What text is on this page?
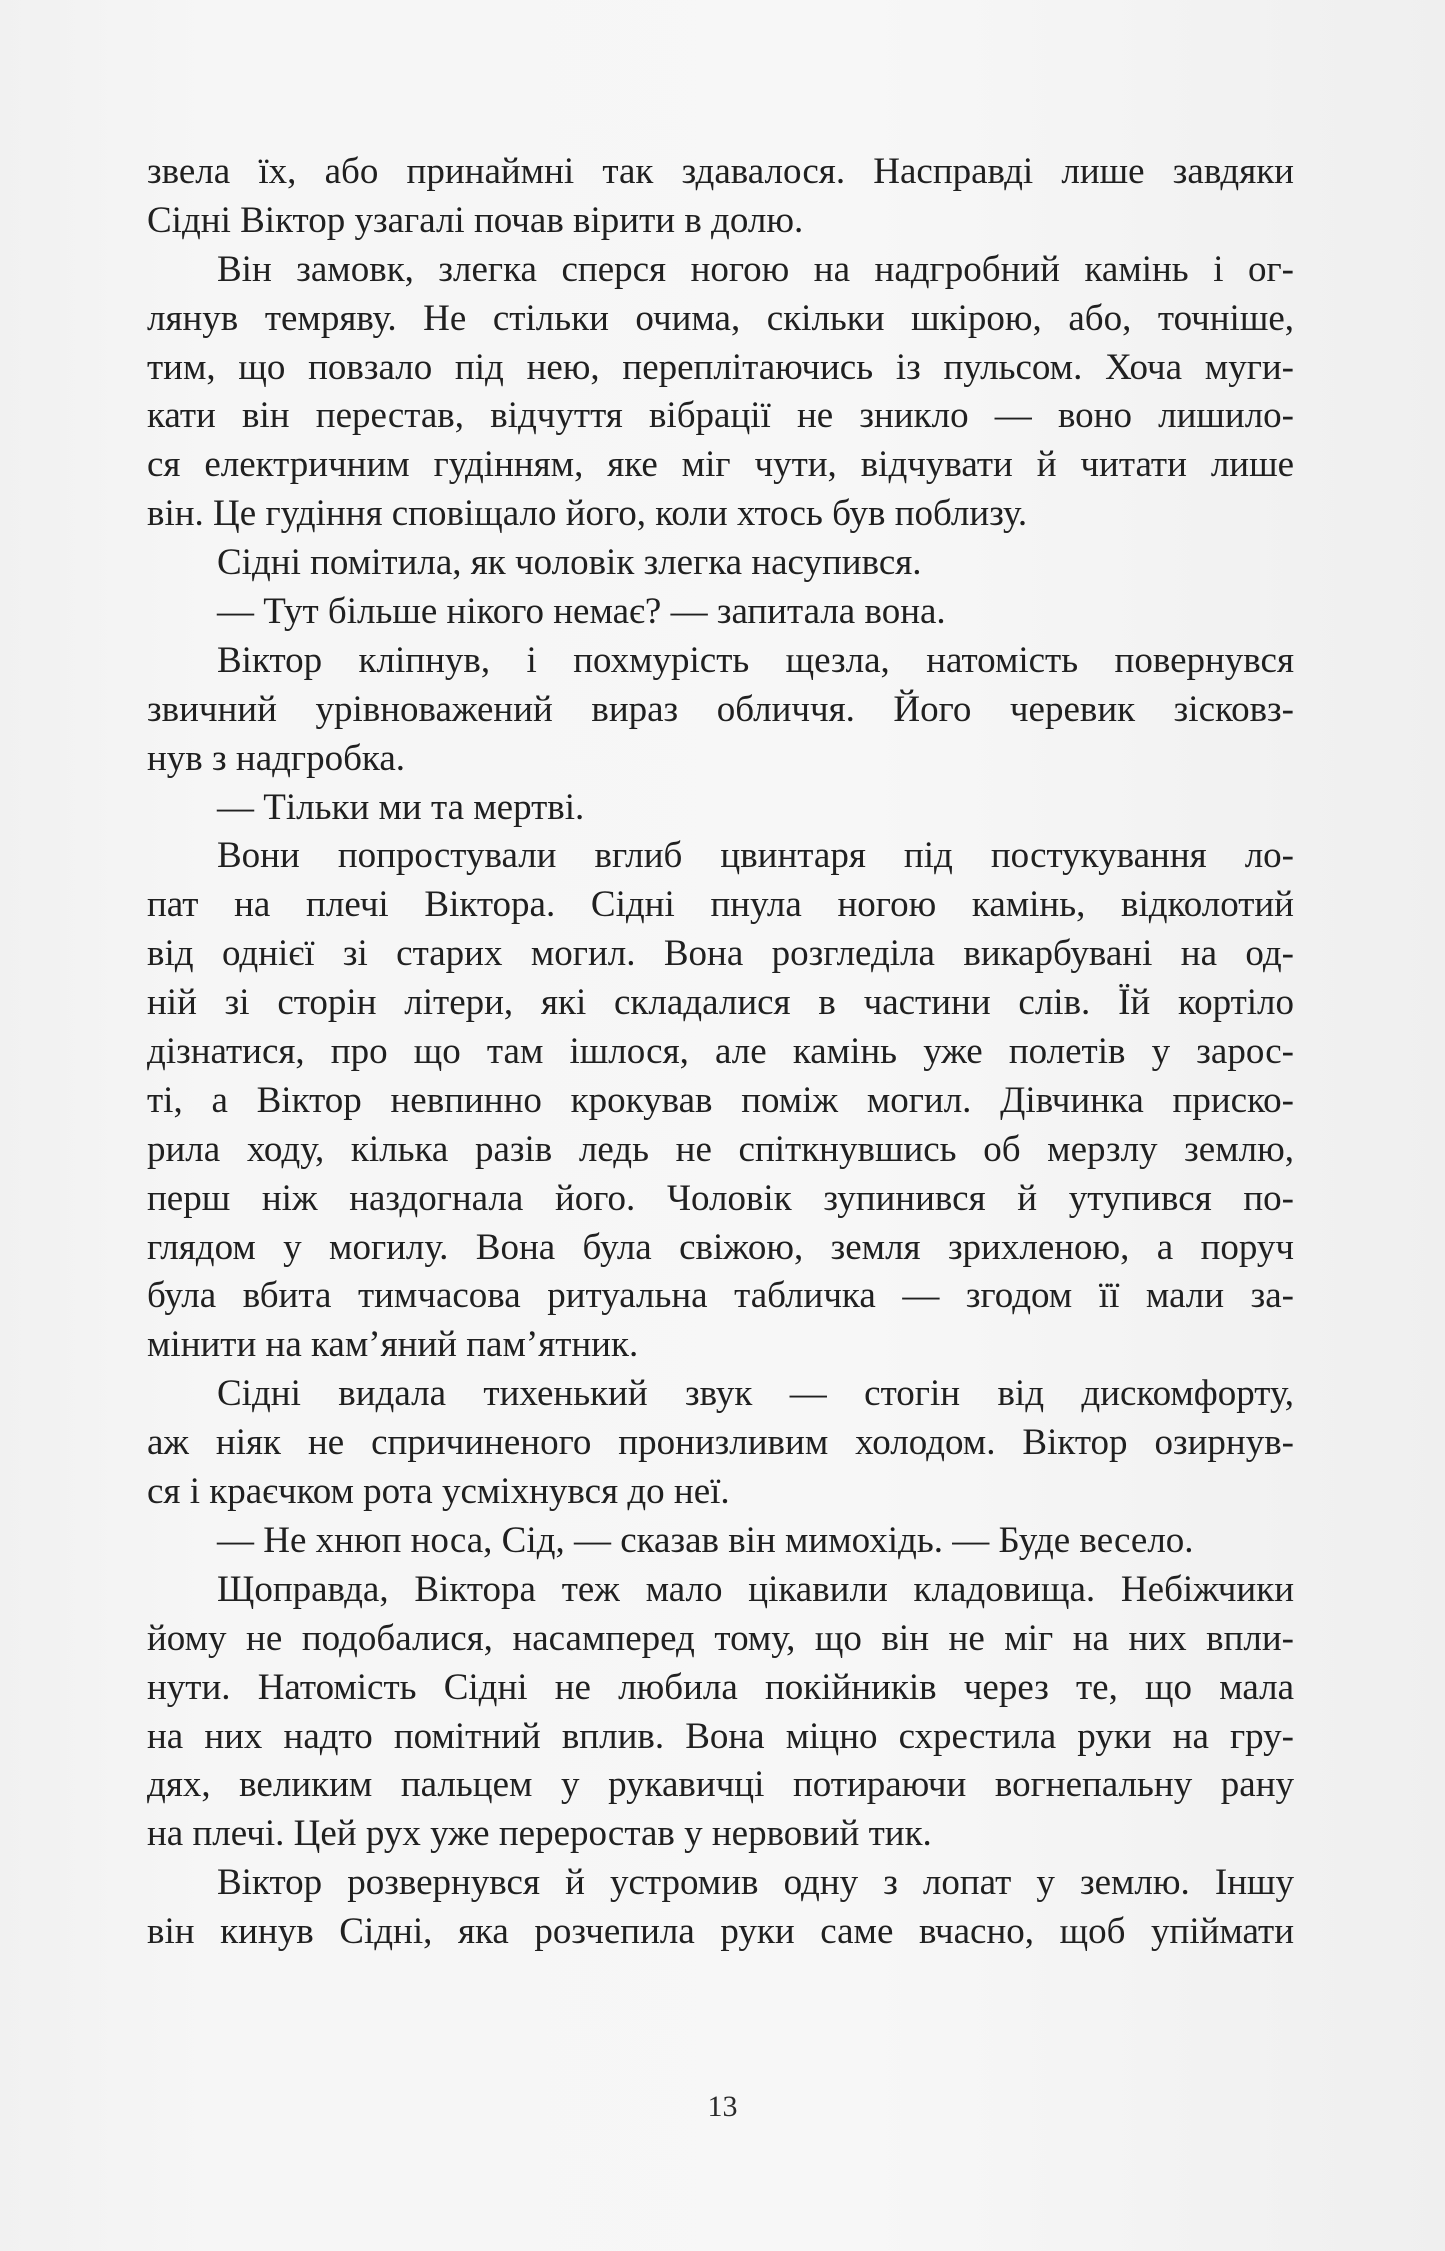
звела їх, або принаймні так здавалося. Насправді лише завдяки
Сідні Віктор узагалі почав вірити в долю.
Він замовк, злегка сперся ногою на надгробний камінь і ог-
лянув темряву. Не стільки очима, скільки шкірою, або, точніше,
тим, що повзало під нею, переплітаючись із пульсом. Хоча муги-
кати він перестав, відчуття вібрації не зникло — воно лишило-
ся електричним гудінням, яке міг чути, відчувати й читати лише
він. Це гудіння сповіщало його, коли хтось був поблизу.
Сідні помітила, як чоловік злегка насупився.
— Тут більше нікого немає? — запитала вона.
Віктор кліпнув, і похмурість щезла, натомість повернувся
звичний урівноважений вираз обличчя. Його черевик зісковз-
нув з надгробка.
— Тільки ми та мертві.
Вони попростували вглиб цвинтаря під постукування ло-
пат на плечі Віктора. Сідні пнула ногою камінь, відколотий
від однієї зі старих могил. Вона розгледіла викарбувані на од-
ній зі сторін літери, які складалися в частини слів. Їй кортіло
дізнатися, про що там ішлося, але камінь уже полетів у зарос-
ті, а Віктор невпинно крокував поміж могил. Дівчинка приско-
рила ходу, кілька разів ледь не спіткнувшись об мерзлу землю,
перш ніж наздогнала його. Чоловік зупинився й утупився по-
глядом у могилу. Вона була свіжою, земля зрихленою, а поруч
була вбита тимчасова ритуальна табличка — згодом її мали за-
мінити на кам’яний пам’ятник.
Сідні видала тихенький звук — стогін від дискомфорту,
аж ніяк не спричиненого пронизливим холодом. Віктор озирнув-
ся і краєчком рота усміхнувся до неї.
— Не хнюп носа, Сід, — сказав він мимохідь. — Буде весело.
Щоправда, Віктора теж мало цікавили кладовища. Небіжчики
йому не подобалися, насамперед тому, що він не міг на них впли-
нути. Натомість Сідні не любила покійників через те, що мала
на них надто помітний вплив. Вона міцно схрестила руки на гру-
дях, великим пальцем у рукавичці потираючи вогнепальну рану
на плечі. Цей рух уже переростав у нервовий тик.
Віктор розвернувся й устромив одну з лопат у землю. Іншу
він кинув Сідні, яка розчепила руки саме вчасно, щоб упіймати
13
